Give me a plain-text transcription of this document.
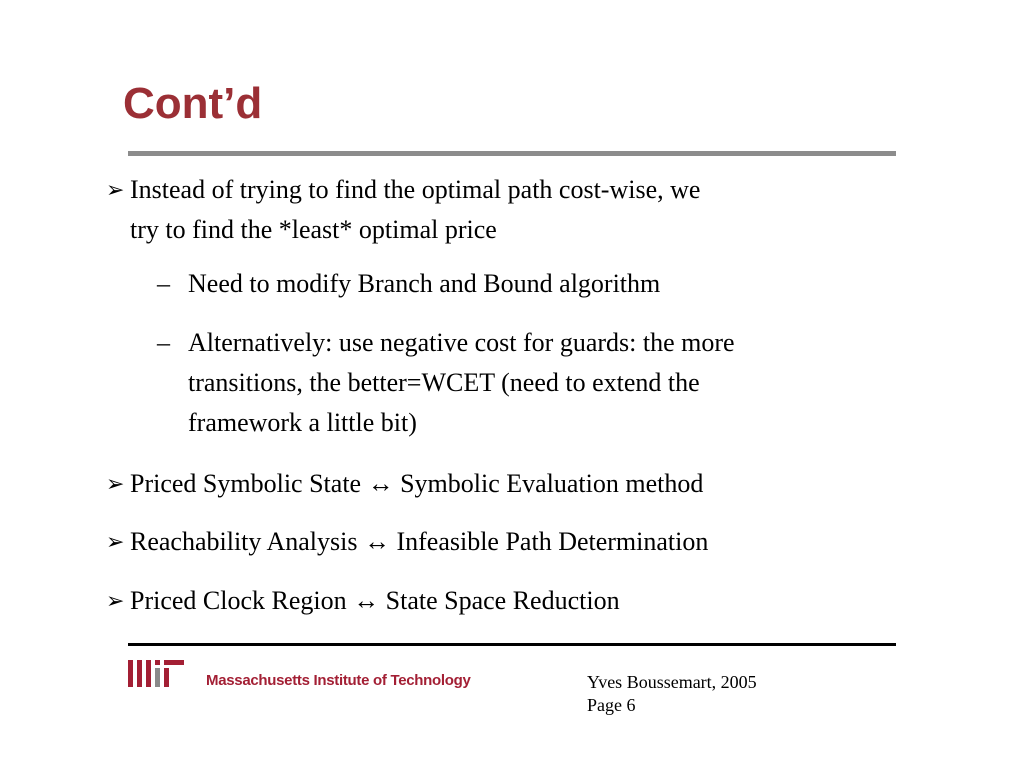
Cont’d
➢ Instead of trying to find the optimal path cost-wise, we
try to find the *least* optimal price
– Need to modify Branch and Bound algorithm
– Alternatively: use negative cost for guards: the more
transitions, the better=WCET (need to extend the
framework a little bit)
➢ Priced Symbolic State ↔ Symbolic Evaluation method
➢ Reachability Analysis ↔ Infeasible Path Determination
➢ Priced Clock Region ↔ State Space Reduction
Massachusetts Institute of Technology	Yves Boussemart, 2005
Page 6
